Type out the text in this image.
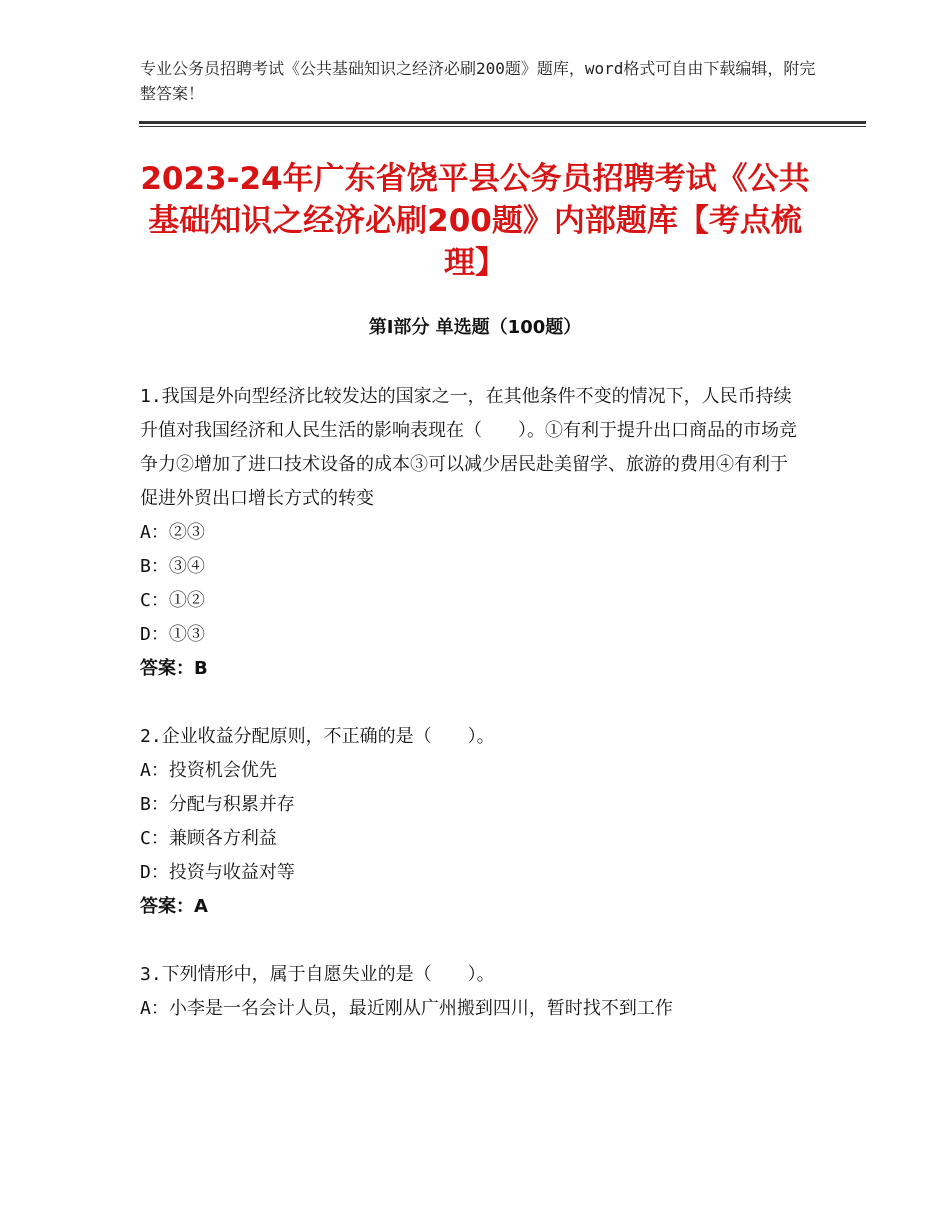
专业公务员招聘考试《公共基础知识之经济必刷200题》题库，word格式可自由下载编辑，附完整答案！
2023-24年广东省饶平县公务员招聘考试《公共基础知识之经济必刷200题》内部题库【考点梳理】
第Ⅰ部分 单选题（100题）

1.我国是外向型经济比较发达的国家之一，在其他条件不变的情况下，人民币持续升值对我国经济和人民生活的影响表现在（　　）。①有利于提升出口商品的市场竞争力②增加了进口技术设备的成本③可以减少居民赴美留学、旅游的费用④有利于促进外贸出口增长方式的转变

A：②③

B：③④

C：①②

D：①③

答案：B

2.企业收益分配原则，不正确的是（　　）。

A：投资机会优先

B：分配与积累并存

C：兼顾各方利益

D：投资与收益对等

答案：A

3.下列情形中，属于自愿失业的是（　　）。

A：小李是一名会计人员，最近刚从广州搬到四川，暂时找不到工作
